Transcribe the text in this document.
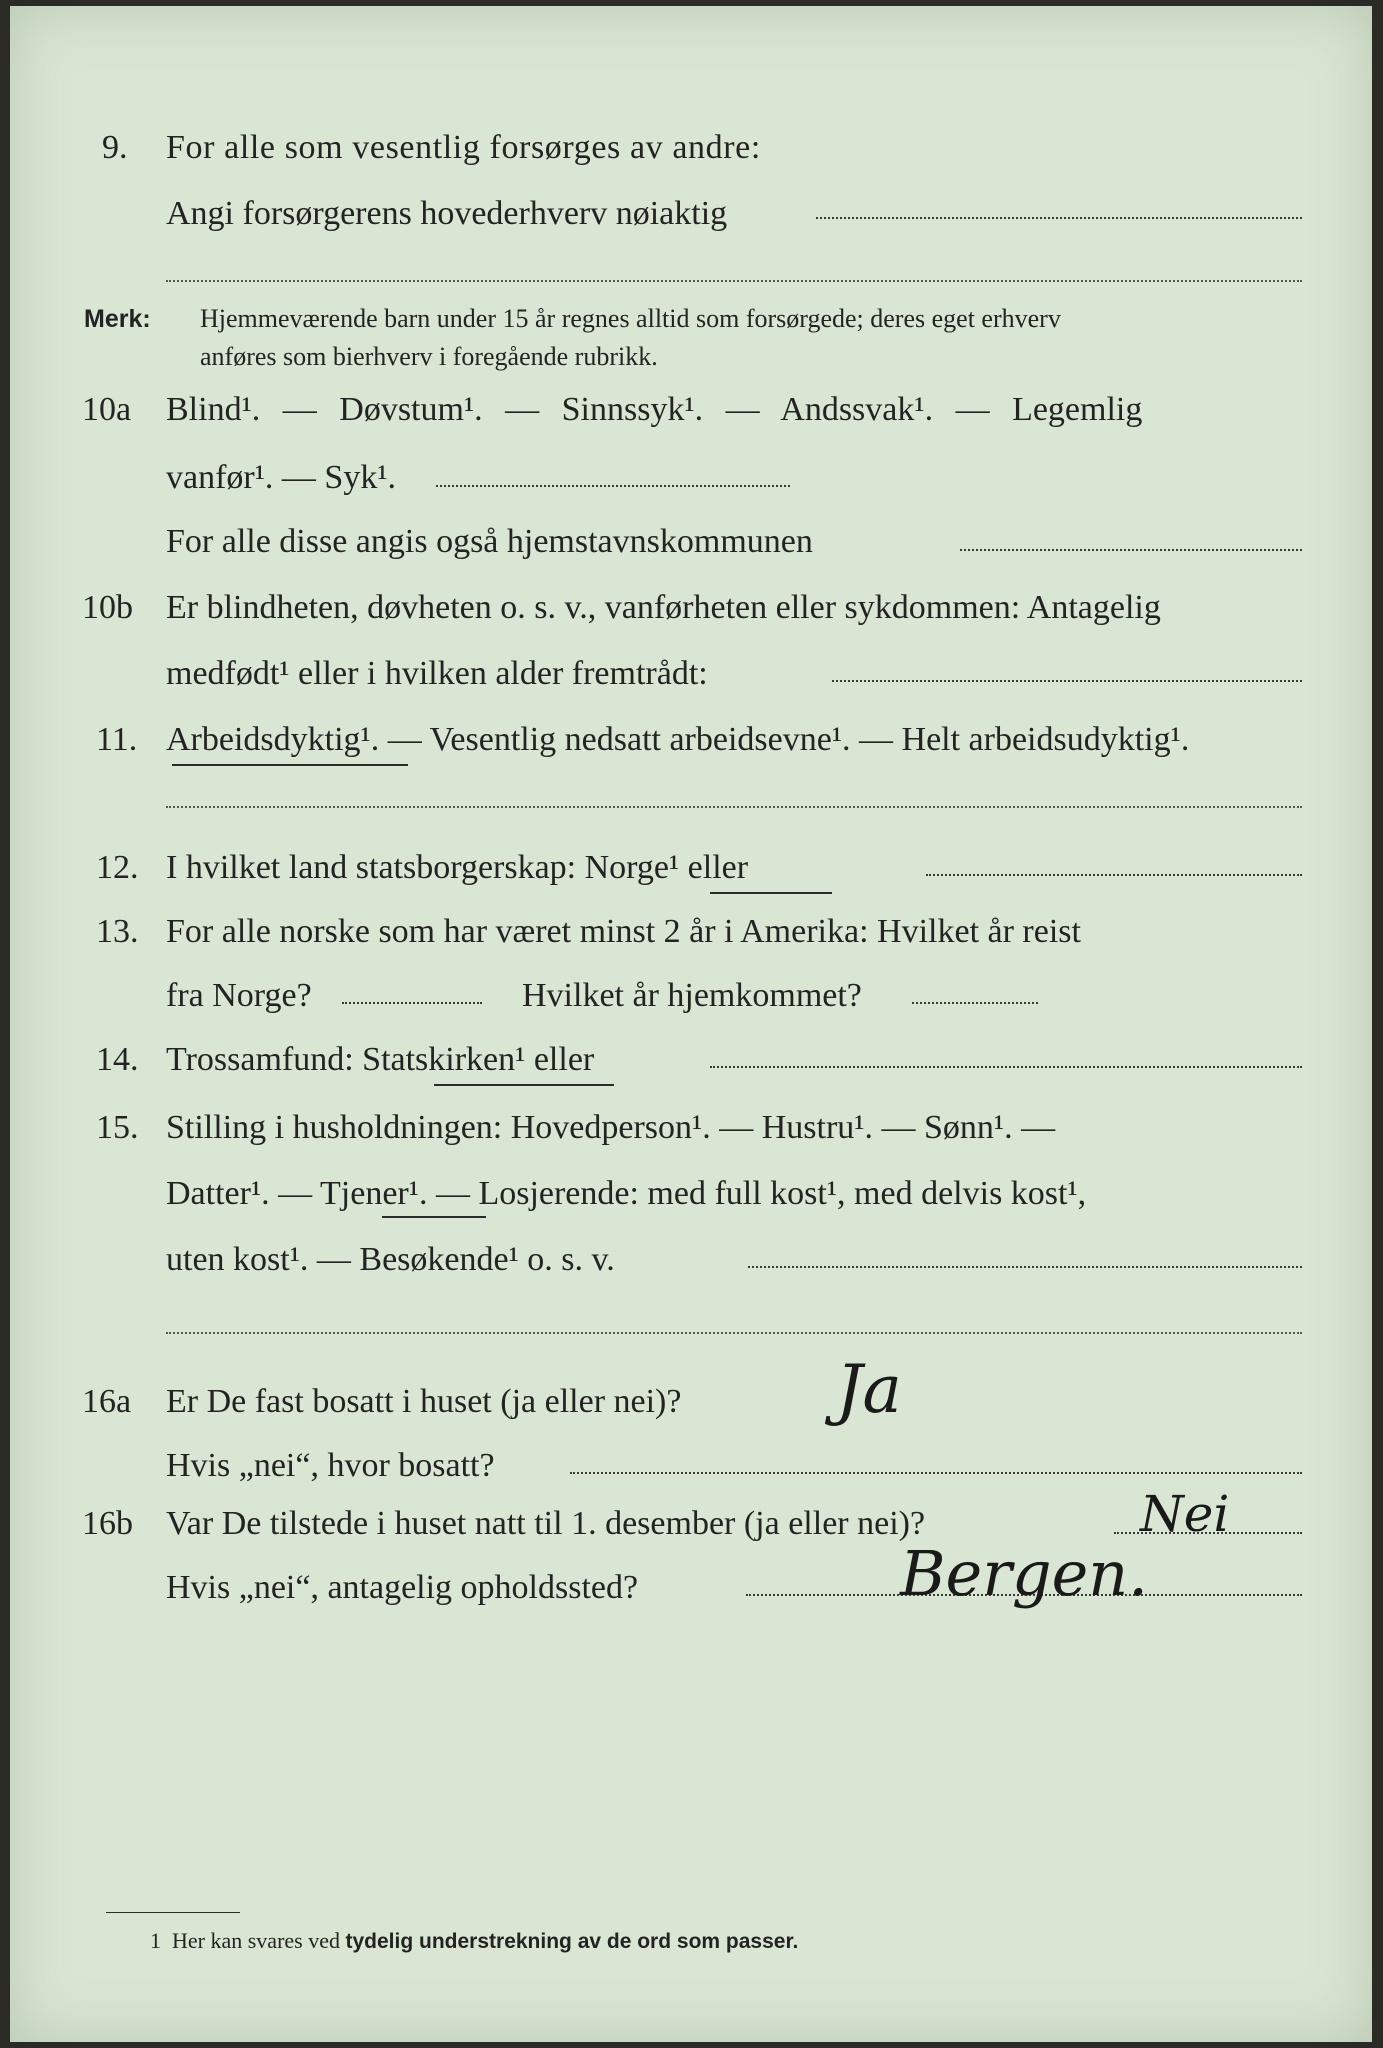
9. For alle som vesentlig forsørges av andre:
Angi forsørgerens hovederhverv nøiaktig
Merk: Hjemmeværende barn under 15 år regnes alltid som forsørgede; deres eget erhverv
anføres som bierhverv i foregående rubrikk.
10a Blind¹. — Døvstum¹. — Sinnssyk¹. — Andssvak¹. — Legemlig
vanfør¹. — Syk¹.
For alle disse angis også hjemstavnskommunen
10b Er blindheten, døvheten o. s. v., vanførheten eller sykdommen: Antagelig
medfødt¹ eller i hvilken alder fremtrådt:
11. Arbeidsdyktig¹. — Vesentlig nedsatt arbeidsevne¹. — Helt arbeidsudyktig¹.
12. I hvilket land statsborgerskap: Norge¹ eller
13. For alle norske som har været minst 2 år i Amerika: Hvilket år reist
fra Norge?	Hvilket år hjemkommet?
14. Trossamfund: Statskirken¹ eller
15. Stilling i husholdningen: Hovedperson¹. — Hustru¹. — Sønn¹. —
Datter¹. — Tjener¹. — Losjerende: med full kost¹, med delvis kost¹,
uten kost¹. — Besøkende¹ o. s. v.
16a Er De fast bosatt i huset (ja eller nei)? Ja
Hvis „nei“, hvor bosatt?
16b Var De tilstede i huset natt til 1. desember (ja eller nei)?	Nei
Hvis „nei“, antagelig opholdssted?	Bergen.
1 Her kan svares ved tydelig understrekning av de ord som passer.
